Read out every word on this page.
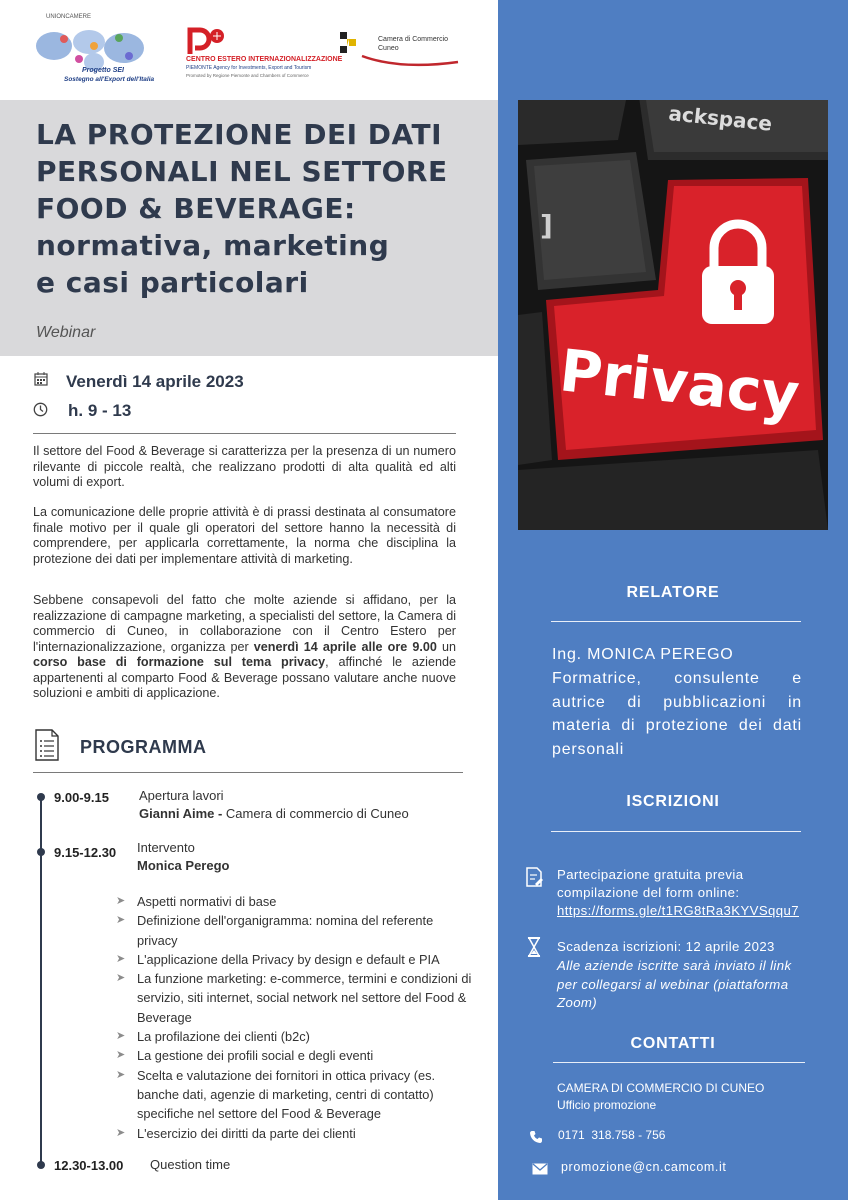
UNIONCAMERE
Progetto SEI
Sostegno all'Export dell'Italia
CENTRO ESTERO INTERNAZIONALIZZAZIONE
PIEMONTE Agency for Investments, Export and Tourism
Promoted by Regione Piemonte and Chambers of Commerce
Camera di Commercio
Cuneo
LA PROTEZIONE DEI DATI
PERSONALI NEL SETTORE
FOOD & BEVERAGE:
normativa, marketing
e casi particolari
Webinar
Venerdì 14 aprile 2023
h. 9 - 13
Il settore del Food & Beverage si caratterizza per la presenza di un numero rilevante di piccole realtà, che realizzano prodotti di alta qualità ed alti volumi di export.
La comunicazione delle proprie attività è di prassi destinata al consumatore finale motivo per il quale gli operatori del settore hanno la necessità di comprendere, per applicarla correttamente, la norma che disciplina la protezione dei dati per implementare attività di marketing.
Sebbene consapevoli del fatto che molte aziende si affidano, per la realizzazione di campagne marketing, a specialisti del settore, la Camera di commercio di Cuneo, in collaborazione con il Centro Estero per l'internazionalizzazione, organizza per venerdì 14 aprile alle ore 9.00 un corso base di formazione sul tema privacy, affinché le aziende appartenenti al comparto Food & Beverage possano valutare anche nuove soluzioni e ambiti di applicazione.
PROGRAMMA
9.00-9.15 Apertura lavori
Gianni Aime - Camera di commercio di Cuneo
9.15-12.30 Intervento
Monica Perego
➤ Aspetti normativi di base
➤ Definizione dell'organigramma: nomina del referente privacy
➤ L'applicazione della Privacy by design e default e PIA
➤ La funzione marketing: e-commerce, termini e condizioni di servizio, siti internet, social network nel settore del Food & Beverage
➤ La profilazione dei clienti (b2c)
➤ La gestione dei profili social e degli eventi
➤ Scelta e valutazione dei fornitori in ottica privacy (es. banche dati, agenzie di marketing, centri di contatto) specifiche nel settore del Food & Beverage
➤ L'esercizio dei diritti da parte dei clienti
12.30-13.00 Question time
ackspace
]
Privacy
RELATORE
Ing. MONICA PEREGO
Formatrice, consulente e autrice di pubblicazioni in materia di protezione dei dati personali
ISCRIZIONI
Partecipazione gratuita previa compilazione del form online:
https://forms.gle/t1RG8tRa3KYVSqqu7
Scadenza iscrizioni: 12 aprile 2023
Alle aziende iscritte sarà inviato il link per collegarsi al webinar (piattaforma Zoom)
CONTATTI
CAMERA DI COMMERCIO DI CUNEO
Ufficio promozione
0171  318.758 - 756
promozione@cn.camcom.it
